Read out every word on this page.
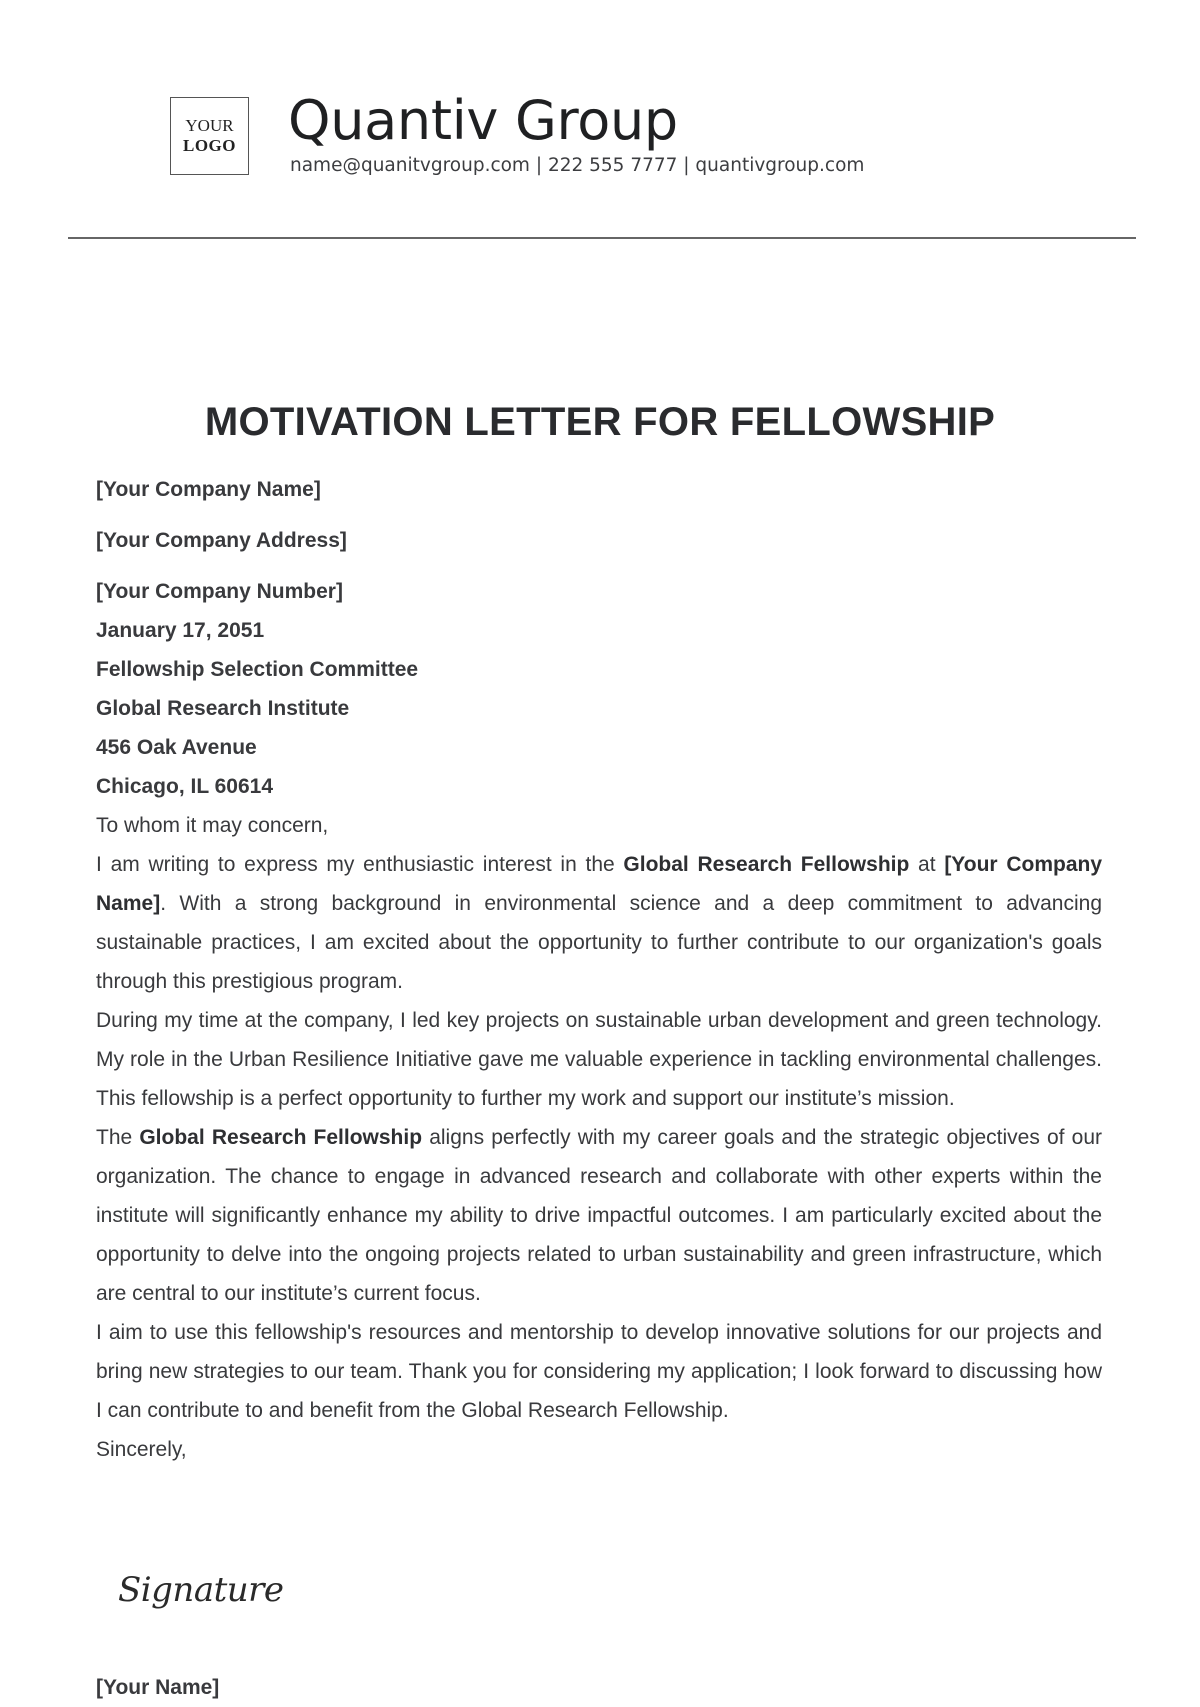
YOUR
LOGO Quantiv Group
name@quanitvgroup.com | 222 555 7777 | quantivgroup.com
MOTIVATION LETTER FOR FELLOWSHIP

[Your Company Name]

[Your Company Address]

[Your Company Number]

January 17, 2051

Fellowship Selection Committee

Global Research Institute

456 Oak Avenue

Chicago, IL 60614

To whom it may concern,

I am writing to express my enthusiastic interest in the Global Research Fellowship at [Your Company Name]. With a strong background in environmental science and a deep commitment to advancing sustainable practices, I am excited about the opportunity to further contribute to our organization's goals through this prestigious program.

During my time at the company, I led key projects on sustainable urban development and green technology. My role in the Urban Resilience Initiative gave me valuable experience in tackling environmental challenges. This fellowship is a perfect opportunity to further my work and support our institute’s mission.

The Global Research Fellowship aligns perfectly with my career goals and the strategic objectives of our organization. The chance to engage in advanced research and collaborate with other experts within the institute will significantly enhance my ability to drive impactful outcomes. I am particularly excited about the opportunity to delve into the ongoing projects related to urban sustainability and green infrastructure, which are central to our institute’s current focus.

I aim to use this fellowship's resources and mentorship to develop innovative solutions for our projects and bring new strategies to our team. Thank you for considering my application; I look forward to discussing how I can contribute to and benefit from the Global Research Fellowship.

Sincerely,

Signature
[Your Name]
